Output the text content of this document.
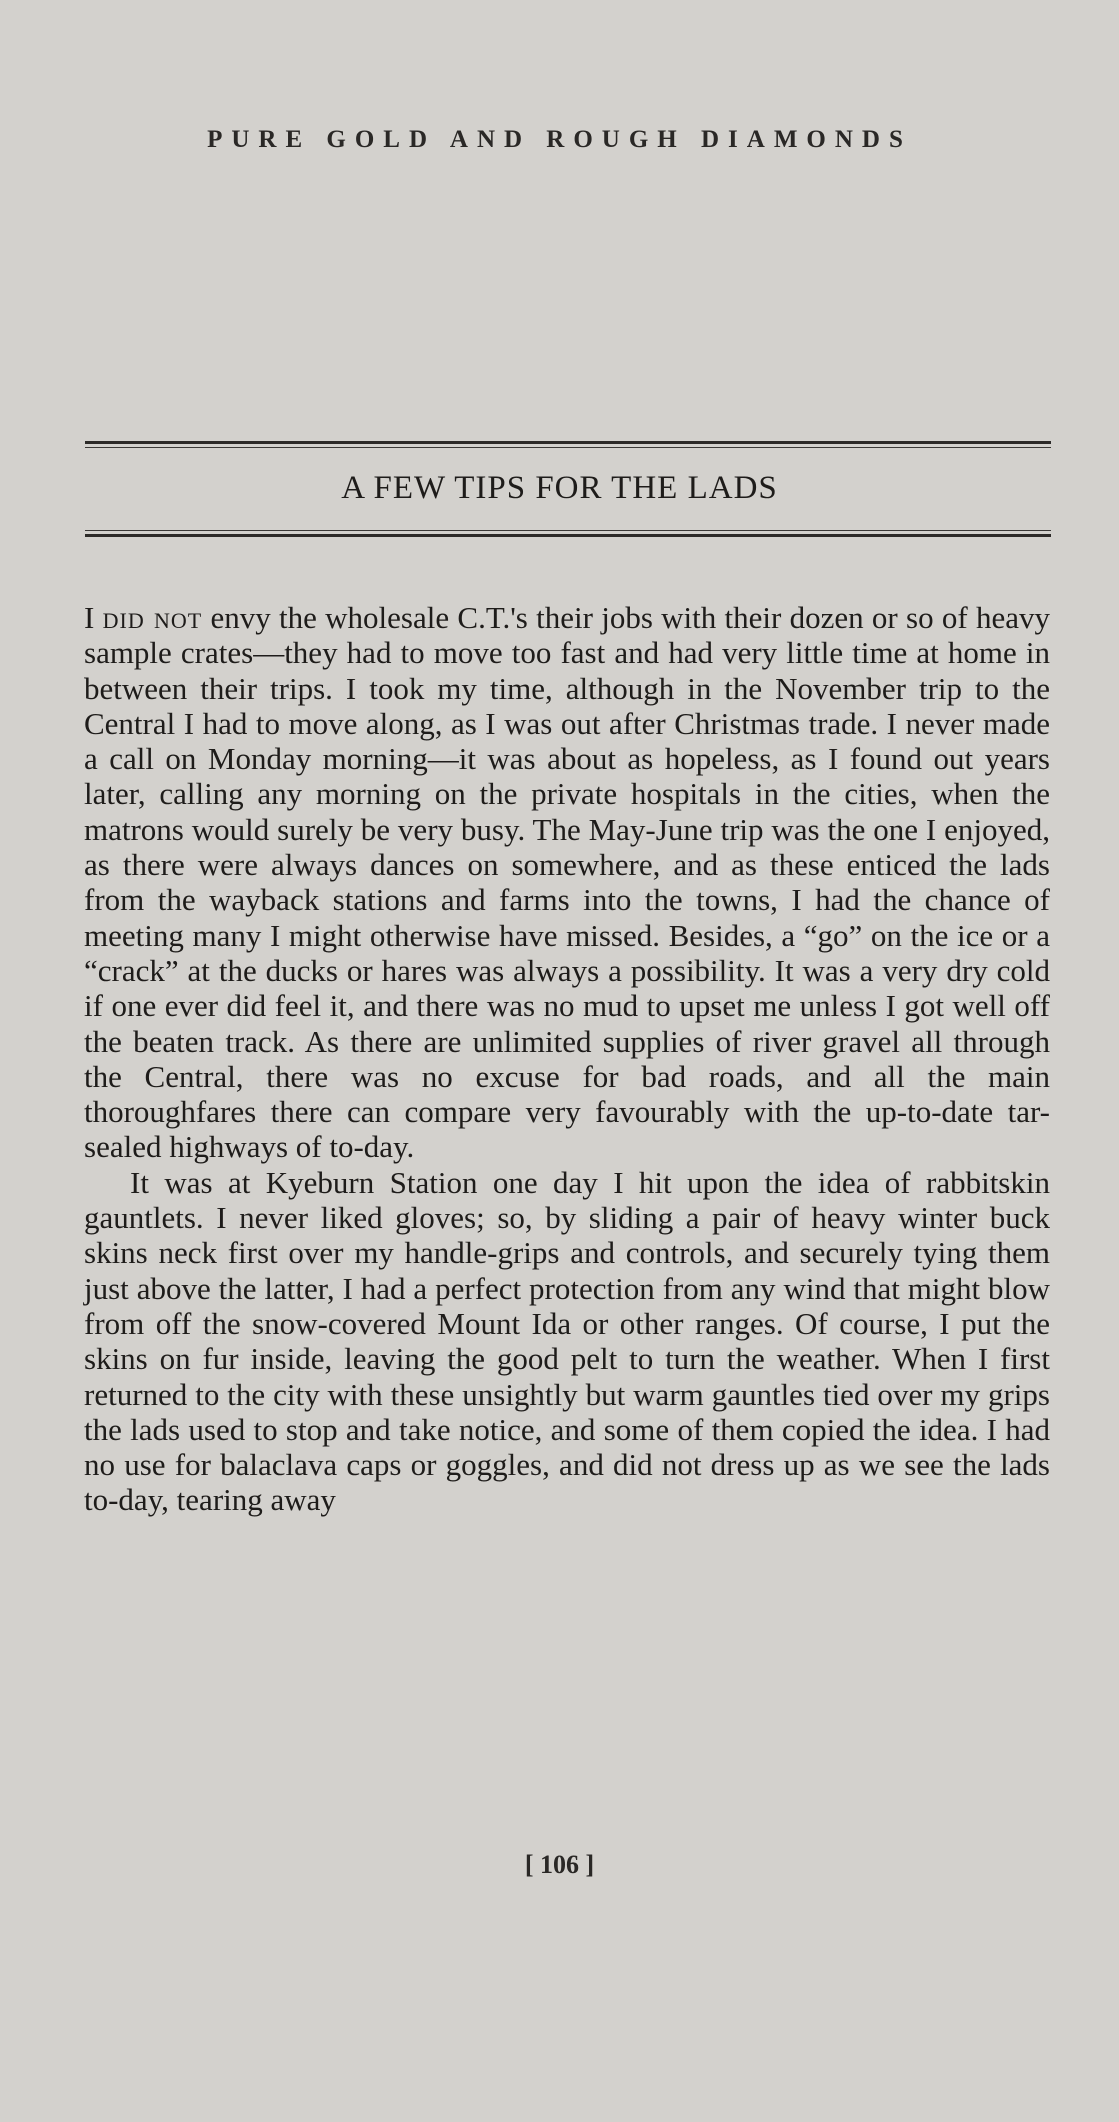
PURE GOLD AND ROUGH DIAMONDS
A FEW TIPS FOR THE LADS

I did not envy the wholesale C.T.'s their jobs with their dozen or so of heavy sample crates—they had to move too fast and had very little time at home in between their trips. I took my time, although in the November trip to the Central I had to move along, as I was out after Christmas trade. I never made a call on Monday morning—it was about as hopeless, as I found out years later, calling any morning on the private hospitals in the cities, when the matrons would surely be very busy. The May-June trip was the one I enjoyed, as there were always dances on somewhere, and as these enticed the lads from the wayback stations and farms into the towns, I had the chance of meeting many I might otherwise have missed. Besides, a “go” on the ice or a “crack” at the ducks or hares was always a possibility. It was a very dry cold if one ever did feel it, and there was no mud to upset me unless I got well off the beaten track. As there are unlimited supplies of river gravel all through the Central, there was no excuse for bad roads, and all the main thoroughfares there can compare very favourably with the up-to-date tar-sealed highways of to-day.

It was at Kyeburn Station one day I hit upon the idea of rabbitskin gauntlets. I never liked gloves; so, by sliding a pair of heavy winter buck skins neck first over my handle-grips and controls, and securely tying them just above the latter, I had a perfect protection from any wind that might blow from off the snow-covered Mount Ida or other ranges. Of course, I put the skins on fur inside, leaving the good pelt to turn the weather. When I first returned to the city with these unsightly but warm gauntles tied over my grips the lads used to stop and take notice, and some of them copied the idea. I had no use for balaclava caps or goggles, and did not dress up as we see the lads to-day, tearing away

[ 106 ]
